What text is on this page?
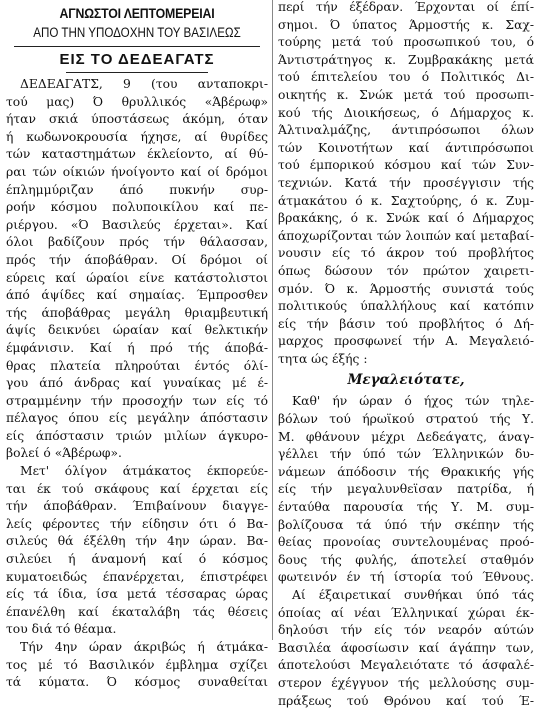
ΑΓΝΩΣΤΟΙ ΛΕΠΤΟΜΕΡΕΙΑΙ
ΑΠΟ ΤΗΝ ΥΠΟΔΟΧΗΝ ΤΟΥ ΒΑΣΙΛΕΩΣ
ΕΙΣ ΤΟ ΔΕΔΕΑΓΑΤΣ
ΔΕΔΕΑΓΑΤΣ, 9 (του ανταποκρι-
τού μας) Ό θρυλλικός «Άβέρωφ»
ήταν σκιά ύποστάσεως άκόμη, όταν
ή κωδωνοκρουσία ήχησε, αί θυρίδες
τών καταστημάτων έκλείοντο, αί θύ-
ραι τών οίκιών ήνοίγοντο καί οί δρόμοι
έπλημμύριζαν άπό πυκνήν συρ-
ροήν κόσμου πολυποικίλου καί πε-
ριέργου. «Ό Βασιλεύς έρχεται». Καί
όλοι βαδίζουν πρός τήν θάλασσαν,
πρός τήν άποβάθραν. Οί δρόμοι οί
εύρεις καί ώραίοι είνε κατάστολιστοι
άπό άψίδες καί σημαίας. Έμπροσθεν
τής άποβάθρας μεγάλη θριαμβευτική
άψίς δεικνύει ώραίαν καί θελκτικήν
έμφάνισιν. Καί ή πρό τής άποβά-
θρας πλατεία πληρούται έντός όλί-
γου άπό άνδρας καί γυναίκας μέ έ-
στραμμένην τήν προσοχήν των είς τό
πέλαγος όπου είς μεγάλην άπόστασιν
είς άπόστασιν τριών μιλίων άγκυρο-
βολεί ό «Άβέρωφ».
Μετ' όλίγον άτμάκατος έκπορεύε-
ται έκ τού σκάφους καί έρχεται είς
τήν άποβάθραν. Έπιβαίνουν διαγγε-
λείς φέροντες τήν είδησιν ότι ό Βα-
σιλεύς θά έξέλθη τήν 4ην ώραν. Βα-
σιλεύει ή άναμονή καί ό κόσμος
κυματοειδώς έπανέρχεται, έπιστρέφει
είς τά ίδια, ίσα μετά τέσσαρας ώρας
έπανέλθη καί έκαταλάβη τάς θέσεις
του διά τό θέαμα.
Τήν 4ην ώραν άκριβώς ή άτμάκα-
τος μέ τό Βασιλικόν έμβλημα σχίζει
τά κύματα. Ό κόσμος συναθείται
περί τήν έξέδραν. Έρχονται οί έπί-
σημοι. Ό ύπατος Άρμοστής κ. Σαχ-
τούρης μετά τού προσωπικού του, ό
Άντιστράτηγος κ. Ζυμβρακάκης μετά
τού έπιτελείου του ό Πολιτικός Δι-
οικητής κ. Σνώκ μετά τού προσωπι-
κού τής Διοικήσεως, ό Δήμαρχος κ.
Άλτιναλμάζης, άντιπρόσωποι όλων
τών Κοινοτήτων καί άντιπρόσωποι
τού έμπορικού κόσμου καί τών Συν-
τεχνιών. Κατά τήν προσέγγισιν τής
άτμακάτου ό κ. Σαχτούρης, ό κ. Ζυμ-
βρακάκης, ό κ. Σνώκ καί ό Δήμαρχος
άποχωρίζονται τών λοιπών καί μεταβαί-
νουσιν είς τό άκρον τού προβλήτος
όπως δώσουν τόν πρώτον χαιρετι-
σμόν. Ό κ. Άρμοστής συνιστά τούς
πολιτικούς ύπαλλήλους καί κατόπιν
είς τήν βάσιν τού προβλήτος ό Δή-
μαρχος προσφωνεί τήν Α. Μεγαλειό-
τητα ώς έξής :
Μεγαλειότατε,
Καθ' ήν ώραν ό ήχος τών τηλε-
βόλων τού ήρωϊκού στρατού τής Υ.
Μ. φθάνουν μέχρι Δεδεάγατς, άναγ-
γέλλει τήν ύπό τών Έλληνικών δυ-
νάμεων άπόδοσιν τής Θρακικής γής
είς τήν μεγαλυνθεϊσαν πατρίδα, ή
ένταύθα παρουσία τής Υ. Μ. συμ-
βολίζουσα τά ύπό τήν σκέπην τής
θείας προνοίας συντελουμένας προό-
δους τής φυλής, άποτελεί σταθμόν
φωτεινόν έν τή ίστορία τού Έθνους.
Αί έξαιρετικαί συνθήκαι ύπό τάς
όποίας αί νέαι Έλληνικαί χώραι έκ-
δηλούσι τήν είς τόν νεαρόν αύτών
Βασιλέα άφοσίωσιν καί άγάπην των,
άποτελούσι Μεγαλειότατε τό άσφαλέ-
στερον έχέγγυον τής μελλούσης συμ-
πράξεως τού Θρόνου καί τού Έ-
